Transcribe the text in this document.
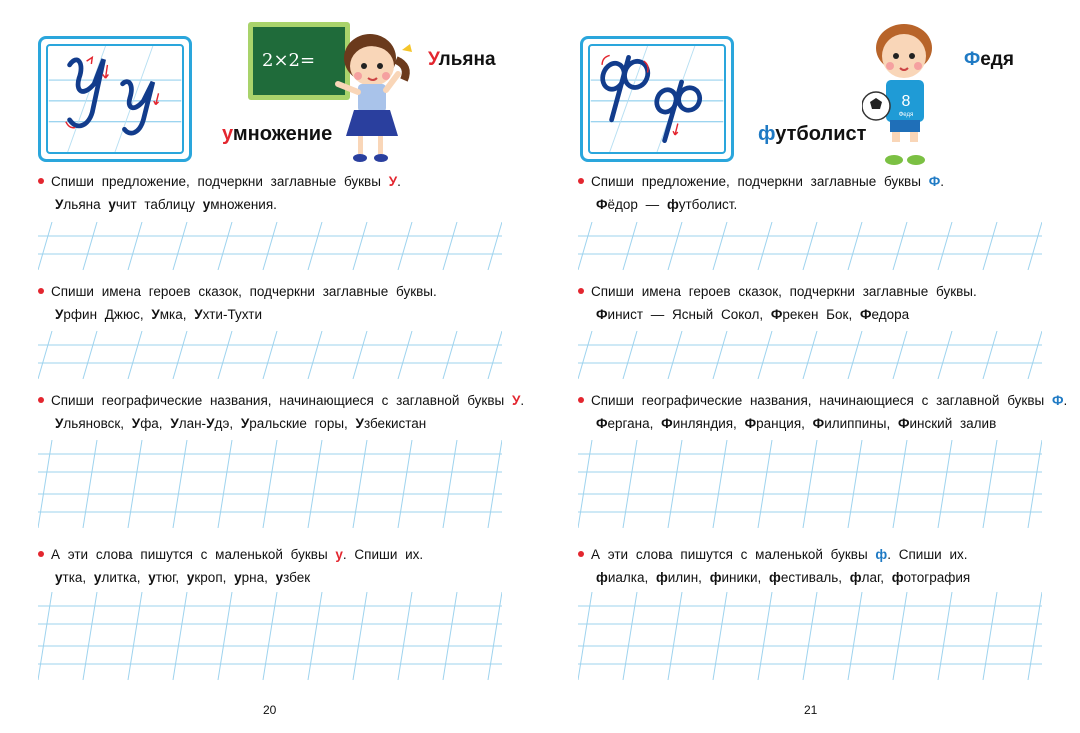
2×2=	Ульяна
умножение
Спиши предложение, подчеркни заглавные буквы У.
Ульяна учит таблицу умножения.
Спиши имена героев сказок, подчеркни заглавные буквы.
Урфин Джюс, Умка, Ухти-Тухти
Спиши географические названия, начинающиеся с заглавной буквы У.
Ульяновск, Уфа, Улан-Удэ, Уральские горы, Узбекистан
А эти слова пишутся с маленькой буквы у. Спиши их.
утка, улитка, утюг, укроп, урна, узбек
20
8
Федя
Федя
футболист
Спиши предложение, подчеркни заглавные буквы Ф.
Фёдор — футболист.
Спиши имена героев сказок, подчеркни заглавные буквы.
Финист — Ясный Сокол, Фрекен Бок, Федора
Спиши географические названия, начинающиеся с заглавной буквы Ф.
Фергана, Финляндия, Франция, Филиппины, Финский залив
А эти слова пишутся с маленькой буквы ф. Спиши их.
фиалка, филин, финики, фестиваль, флаг, фотография
21
